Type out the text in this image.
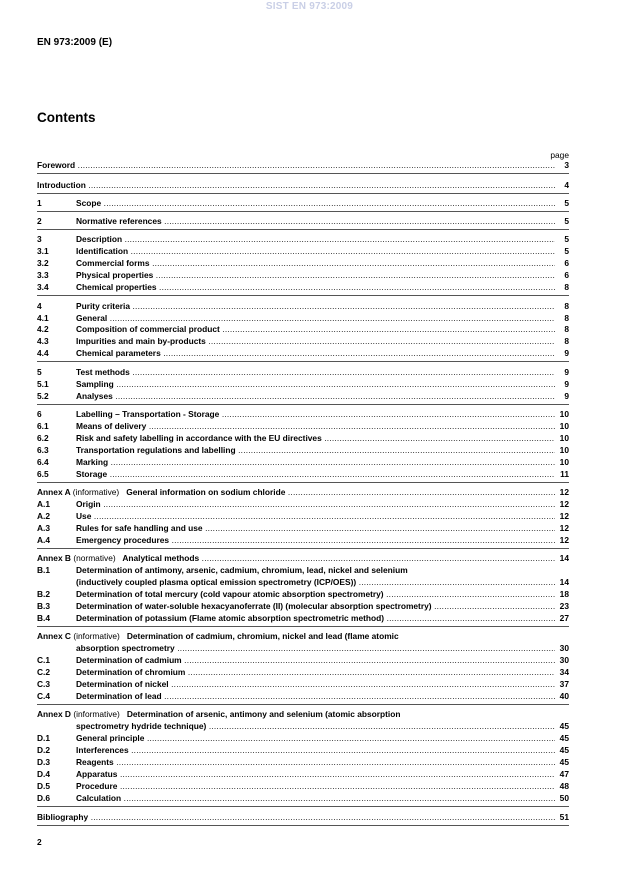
SIST EN 973:2009
EN 973:2009 (E)
Contents
page
Foreword .....	3
Introduction .....	4
1	Scope .....	5
2	Normative references .....	5
3	Description .....	5
3.1	Identification .....	5
3.2	Commercial forms .....	6
3.3	Physical properties .....	6
3.4	Chemical properties .....	8
4	Purity criteria .....	8
4.1	General .....	8
4.2	Composition of commercial product .....	8
4.3	Impurities and main by-products .....	8
4.4	Chemical parameters .....	9
5	Test methods .....	9
5.1	Sampling .....	9
5.2	Analyses .....	9
6	Labelling – Transportation - Storage .....	10
6.1	Means of delivery .....	10
6.2	Risk and safety labelling in accordance with the EU directives .....	10
6.3	Transportation regulations and labelling .....	10
6.4	Marking .....	10
6.5	Storage .....	11
Annex A (informative) General information on sodium chloride .....	12
A.1	Origin .....	12
A.2	Use .....	12
A.3	Rules for safe handling and use .....	12
A.4	Emergency procedures .....	12
Annex B (normative) Analytical methods .....	14
B.1	Determination of antimony, arsenic, cadmium, chromium, lead, nickel and selenium
(inductively coupled plasma optical emission spectrometry (ICP/OES)) .....	14
B.2	Determination of total mercury (cold vapour atomic absorption spectrometry) .....	18
B.3	Determination of water-soluble hexacyanoferrate (II) (molecular absorption spectrometry) .....	23
B.4	Determination of potassium (Flame atomic absorption spectrometric method) .....	27
Annex C (informative) Determination of cadmium, chromium, nickel and lead (flame atomic
absorption spectrometry .....	30
C.1	Determination of cadmium .....	30
C.2	Determination of chromium .....	34
C.3	Determination of nickel .....	37
C.4	Determination of lead .....	40
Annex D (informative) Determination of arsenic, antimony and selenium (atomic absorption
spectrometry hydride technique) .....	45
D.1	General principle .....	45
D.2	Interferences .....	45
D.3	Reagents .....	45
D.4	Apparatus .....	47
D.5	Procedure .....	48
D.6	Calculation .....	50
Bibliography .....	51
2
